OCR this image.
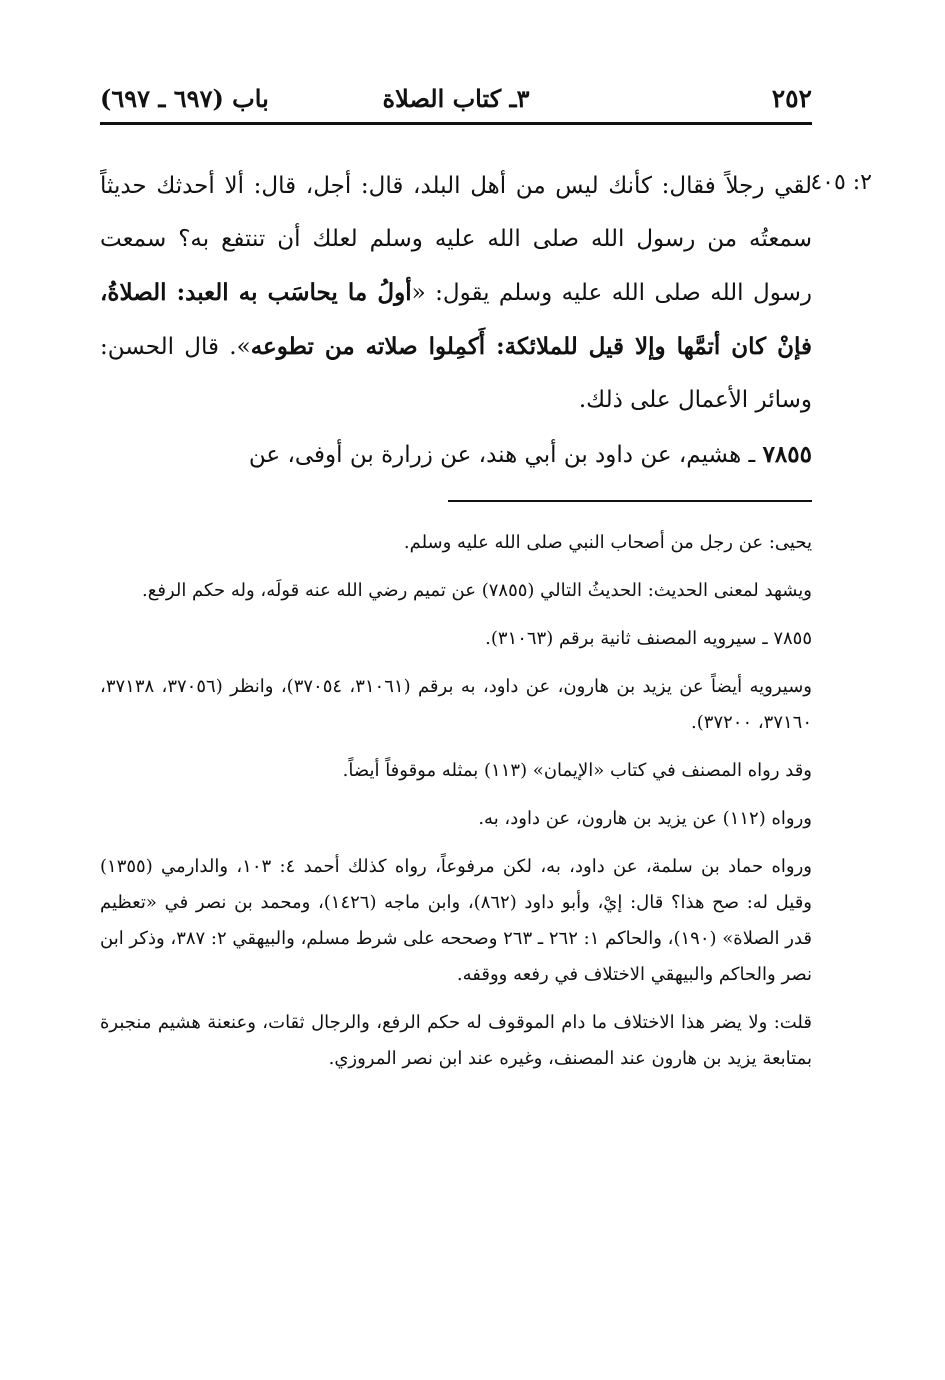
٢٥٢
٣ـ كتاب الصلاة
باب (٦٩٧ ـ ٦٩٧)
٢: ٤٠٥

لقي رجلاً فقال: كأنك ليس من أهل البلد، قال: أجل، قال: ألا أحدثك حديثاً سمعتُه من رسول الله صلى الله عليه وسلم لعلك أن تنتفع به؟ سمعت رسول الله صلى الله عليه وسلم يقول: «أولُ ما يحاسَب به العبد: الصلاةُ، فإنْ كان أتمَّها وإلا قيل للملائكة: أَكمِلوا صلاته من تطوعه». قال الحسن: وسائر الأعمال على ذلك.

٧٨٥٥ ـ هشيم، عن داود بن أبي هند، عن زرارة بن أوفى، عن

يحيى: عن رجل من أصحاب النبي صلى الله عليه وسلم.

ويشهد لمعنى الحديث: الحديثُ التالي (٧٨٥٥) عن تميم رضي الله عنه قولَه، وله حكم الرفع.

٧٨٥٥ ـ سيرويه المصنف ثانية برقم (٣١٠٦٣).

وسيرويه أيضاً عن يزيد بن هارون، عن داود، به برقم (٣١٠٦١، ٣٧٠٥٤)، وانظر (٣٧٠٥٦، ٣٧١٣٨، ٣٧١٦٠، ٣٧٢٠٠).

وقد رواه المصنف في كتاب «الإيمان» (١١٣) بمثله موقوفاً أيضاً.

ورواه (١١٢) عن يزيد بن هارون، عن داود، به.

ورواه حماد بن سلمة، عن داود، به، لكن مرفوعاً، رواه كذلك أحمد ٤: ١٠٣، والدارمي (١٣٥٥) وقيل له: صح هذا؟ قال: إيْ، وأبو داود (٨٦٢)، وابن ماجه (١٤٢٦)، ومحمد بن نصر في «تعظيم قدر الصلاة» (١٩٠)، والحاكم ١: ٢٦٢ ـ ٢٦٣ وصححه على شرط مسلم، والبيهقي ٢: ٣٨٧، وذكر ابن نصر والحاكم والبيهقي الاختلاف في رفعه ووقفه.

قلت: ولا يضر هذا الاختلاف ما دام الموقوف له حكم الرفع، والرجال ثقات، وعنعنة هشيم منجبرة بمتابعة يزيد بن هارون عند المصنف، وغيره عند ابن نصر المروزي.
